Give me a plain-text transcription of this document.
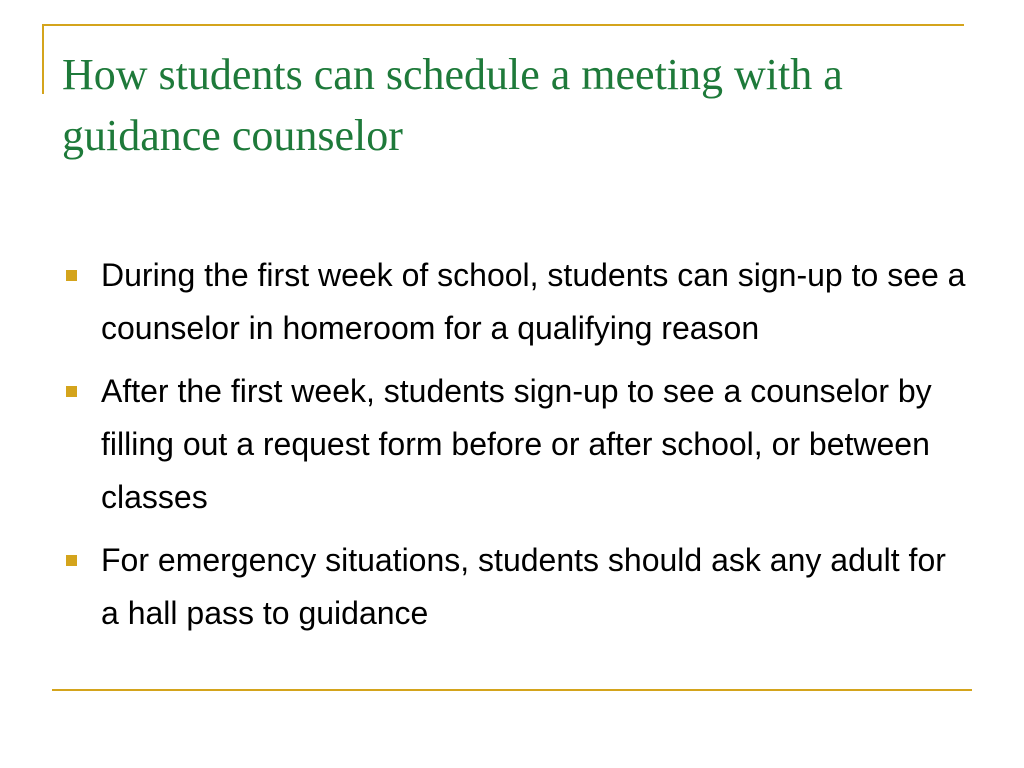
How students can schedule a meeting with a guidance counselor
During the first week of school, students can sign-up to see a counselor in homeroom for a qualifying reason
After the first week, students sign-up to see a counselor by filling out a request form before or after school, or between classes
For emergency situations, students should ask any adult for a hall pass to guidance
